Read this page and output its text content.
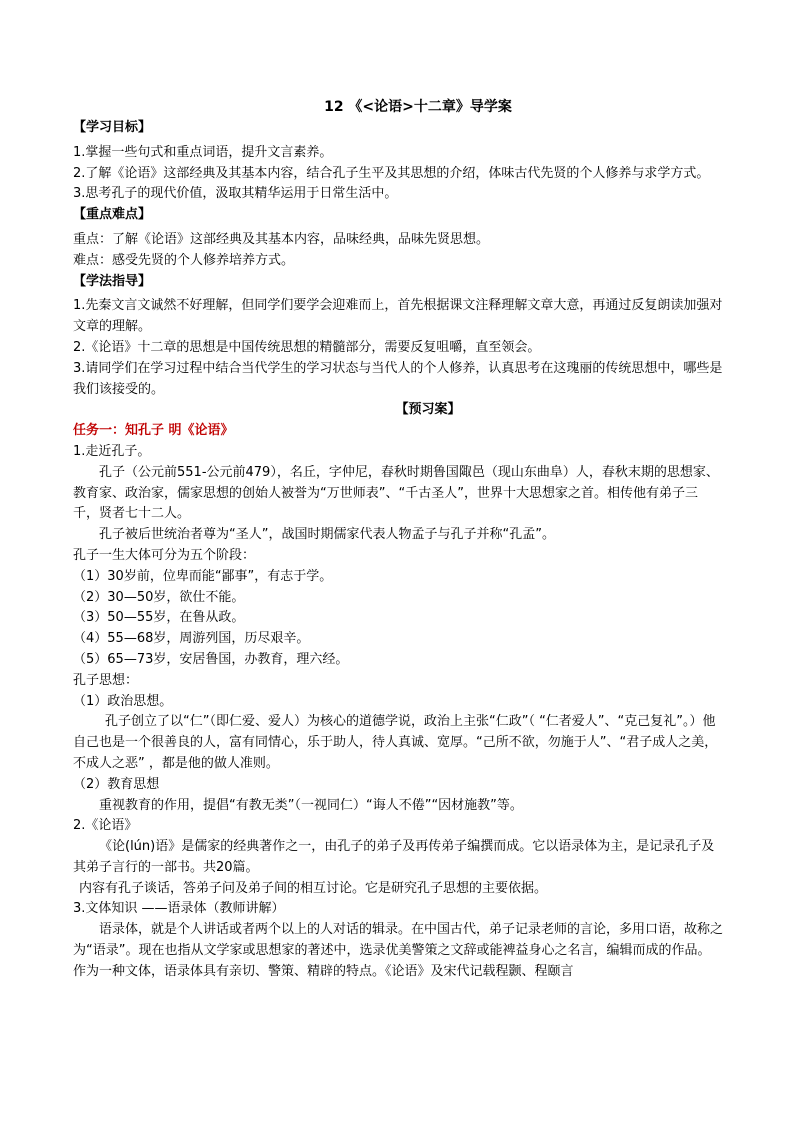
12 《<论语>十二章》导学案
【学习目标】
1.掌握一些句式和重点词语，提升文言素养。
2.了解《论语》这部经典及其基本内容，结合孔子生平及其思想的介绍，体味古代先贤的个人修养与求学方式。
3.思考孔子的现代价值，汲取其精华运用于日常生活中。
【重点难点】
重点：了解《论语》这部经典及其基本内容，品味经典，品味先贤思想。
难点：感受先贤的个人修养培养方式。
【学法指导】
1.先秦文言文诚然不好理解，但同学们要学会迎难而上，首先根据课文注释理解文章大意，再通过反复朗读加强对文章的理解。
2.《论语》十二章的思想是中国传统思想的精髓部分，需要反复咀嚼，直至领会。
3.请同学们在学习过程中结合当代学生的学习状态与当代人的个人修养，认真思考在这瑰丽的传统思想中，哪些是我们该接受的。
【预习案】
任务一：知孔子 明《论语》
1.走近孔子。
孔子（公元前551-公元前479），名丘，字仲尼，春秋时期鲁国陬邑（现山东曲阜）人，春秋末期的思想家、教育家、政治家，儒家思想的创始人被誉为“万世师表”、“千古圣人”，世界十大思想家之首。相传他有弟子三千，贤者七十二人。
孔子被后世统治者尊为“圣人”，战国时期儒家代表人物孟子与孔子并称“孔孟”。
孔子一生大体可分为五个阶段：
（1）30岁前，位卑而能“鄙事”，有志于学。
（2）30—50岁，欲仕不能。
（3）50—55岁，在鲁从政。
（4）55—68岁，周游列国，历尽艰辛。
（5）65—73岁，安居鲁国，办教育，理六经。
孔子思想：
（1）政治思想。
孔子创立了以“仁”（即仁爱、爱人）为核心的道德学说，政治上主张“仁政”（ “仁者爱人”、“克己复礼”。）他自己也是一个很善良的人，富有同情心，乐于助人，待人真诚、宽厚。“己所不欲，勿施于人”、“君子成人之美，不成人之恶” ，都是他的做人准则。
（2）教育思想
重视教育的作用，提倡“有教无类”（一视同仁）“诲人不倦”“因材施教”等。
2.《论语》
《论(lún)语》是儒家的经典著作之一，由孔子的弟子及再传弟子编撰而成。它以语录体为主，是记录孔子及其弟子言行的一部书。共20篇。
内容有孔子谈话，答弟子问及弟子间的相互讨论。它是研究孔子思想的主要依据。
3.文体知识 ——语录体（教师讲解）
语录体，就是个人讲话或者两个以上的人对话的辑录。在中国古代，弟子记录老师的言论，多用口语，故称之为“语录”。现在也指从文学家或思想家的著述中，选录优美警策之文辞或能裨益身心之名言，编辑而成的作品。作为一种文体，语录体具有亲切、警策、精辟的特点。《论语》及宋代记载程颢、程颐言
